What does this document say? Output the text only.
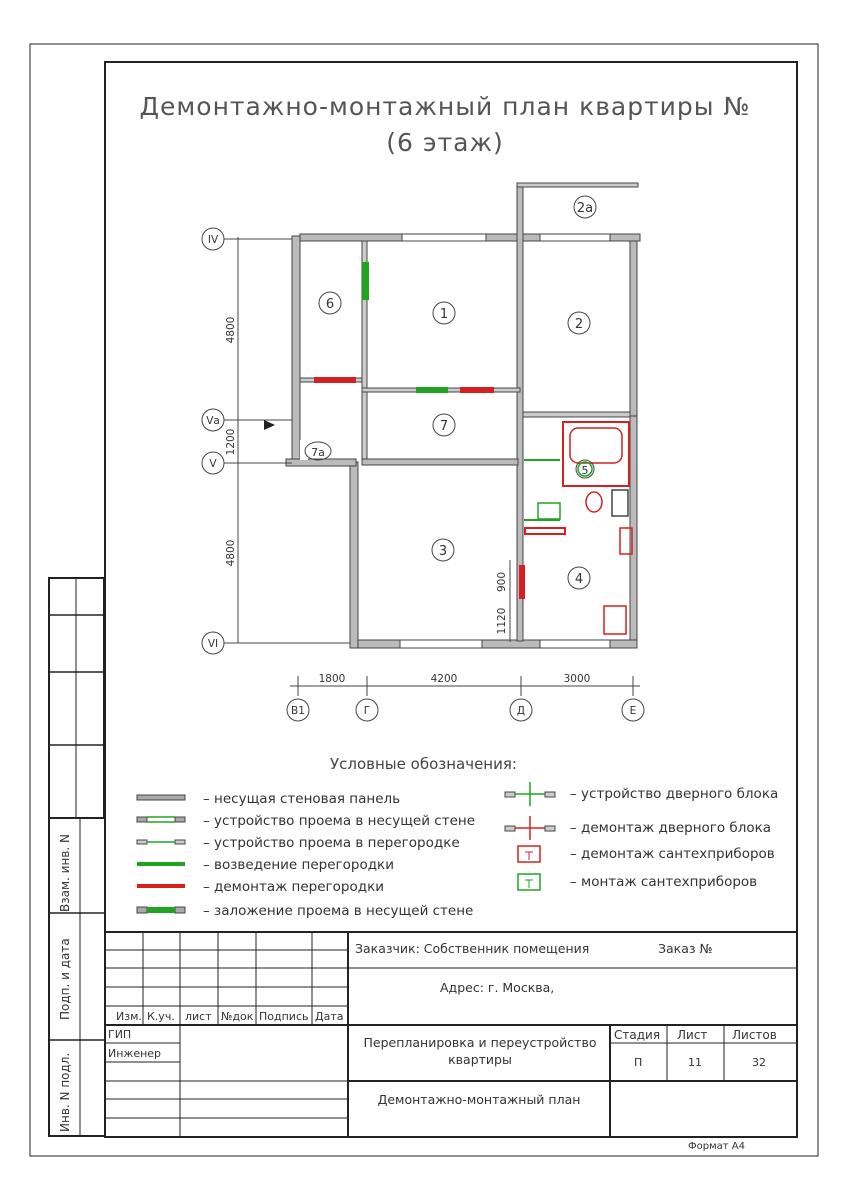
Демонтажно-монтажный план квартиры №
(6 этаж)
1
2
2а
3
4
5
6
7
7а
IV
Vа
V
VI
4800
1200
4800
900
1120
1800	4200	3000
В1	Г	Д	Е
Условные обозначения:
– несущая стеновая панель
– устройство проема в несущей стене
– устройство проема в перегородке
– возведение перегородки
– демонтаж перегородки
– заложение проема в несущей стене
– устройство дверного блока
– демонтаж дверного блока
– демонтаж сантехприборов
– монтаж сантехприборов
Заказчик: Собственник помещения	Заказ №
Адрес: г. Москва,
Перепланировка и переустройство квартиры
Демонтажно-монтажный план
Стадия Лист Листов
П	11	32
Изм. К.уч. лист №док Подпись Дата
ГИП
Инженер
Формат А4
Взам. инв. N
Подп. и дата
Инв. N подл.
